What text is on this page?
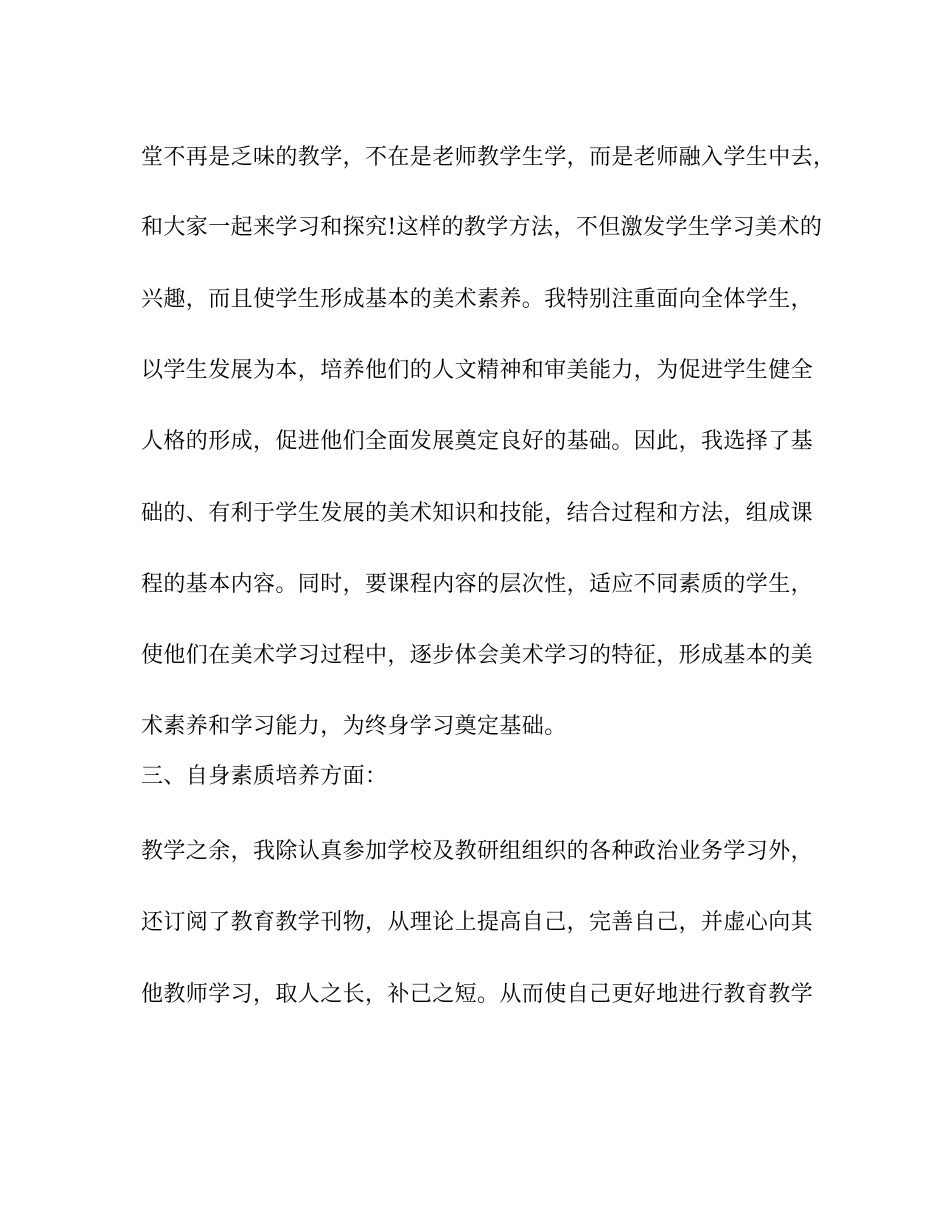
堂不再是乏味的教学，不在是老师教学生学，而是老师融入学生中去，
和大家一起来学习和探究!这样的教学方法，不但激发学生学习美术的
兴趣，而且使学生形成基本的美术素养。我特别注重面向全体学生，
以学生发展为本，培养他们的人文精神和审美能力，为促进学生健全
人格的形成，促进他们全面发展奠定良好的基础。因此，我选择了基
础的、有利于学生发展的美术知识和技能，结合过程和方法，组成课
程的基本内容。同时，要课程内容的层次性，适应不同素质的学生，
使他们在美术学习过程中，逐步体会美术学习的特征，形成基本的美
术素养和学习能力，为终身学习奠定基础。
三、自身素质培养方面：
教学之余，我除认真参加学校及教研组组织的各种政治业务学习外，
还订阅了教育教学刊物，从理论上提高自己，完善自己，并虚心向其
他教师学习，取人之长，补己之短。从而使自己更好地进行教育教学
